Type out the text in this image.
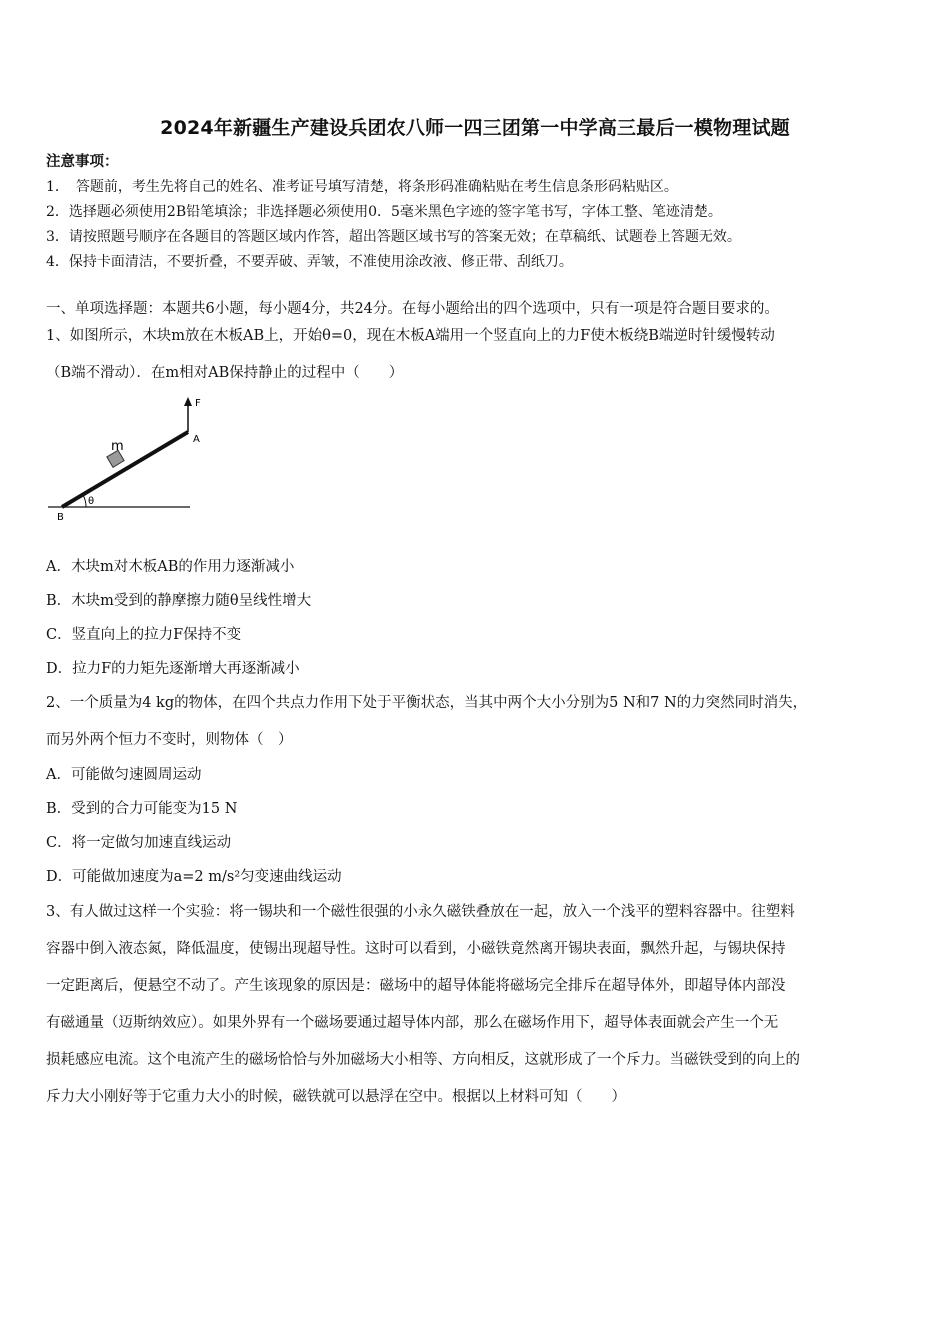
2024年新疆生产建设兵团农八师一四三团第一中学高三最后一模物理试题
注意事项：
1．　答题前，考生先将自己的姓名、准考证号填写清楚，将条形码准确粘贴在考生信息条形码粘贴区。
2．选择题必须使用2B铅笔填涂；非选择题必须使用0．5毫米黑色字迹的签字笔书写，字体工整、笔迹清楚。
3．请按照题号顺序在各题目的答题区域内作答，超出答题区域书写的答案无效；在草稿纸、试题卷上答题无效。
4．保持卡面清洁，不要折叠，不要弄破、弄皱，不准使用涂改液、修正带、刮纸刀。
一、单项选择题：本题共6小题，每小题4分，共24分。在每小题给出的四个选项中，只有一项是符合题目要求的。
1、如图所示，木块m放在木板AB上，开始θ=0，现在木板A端用一个竖直向上的力F使木板绕B端逆时针缓慢转动
（B端不滑动）．在m相对AB保持静止的过程中（　　）
F
A
B
m
θ
A．木块m对木板AB的作用力逐渐减小
B．木块m受到的静摩擦力随θ呈线性增大
C．竖直向上的拉力F保持不变
D．拉力F的力矩先逐渐增大再逐渐减小
2、一个质量为4 kg的物体，在四个共点力作用下处于平衡状态，当其中两个大小分别为5 N和7 N的力突然同时消失，
而另外两个恒力不变时，则物体（　）
A．可能做匀速圆周运动
B．受到的合力可能变为15 N
C．将一定做匀加速直线运动
D．可能做加速度为a=2 m/s²匀变速曲线运动
3、有人做过这样一个实验：将一锡块和一个磁性很强的小永久磁铁叠放在一起，放入一个浅平的塑料容器中。往塑料
容器中倒入液态氮，降低温度，使锡出现超导性。这时可以看到，小磁铁竟然离开锡块表面，飘然升起，与锡块保持
一定距离后，便悬空不动了。产生该现象的原因是：磁场中的超导体能将磁场完全排斥在超导体外，即超导体内部没
有磁通量（迈斯纳效应）。如果外界有一个磁场要通过超导体内部，那么在磁场作用下，超导体表面就会产生一个无
损耗感应电流。这个电流产生的磁场恰恰与外加磁场大小相等、方向相反，这就形成了一个斥力。当磁铁受到的向上的
斥力大小刚好等于它重力大小的时候，磁铁就可以悬浮在空中。根据以上材料可知（　　）
